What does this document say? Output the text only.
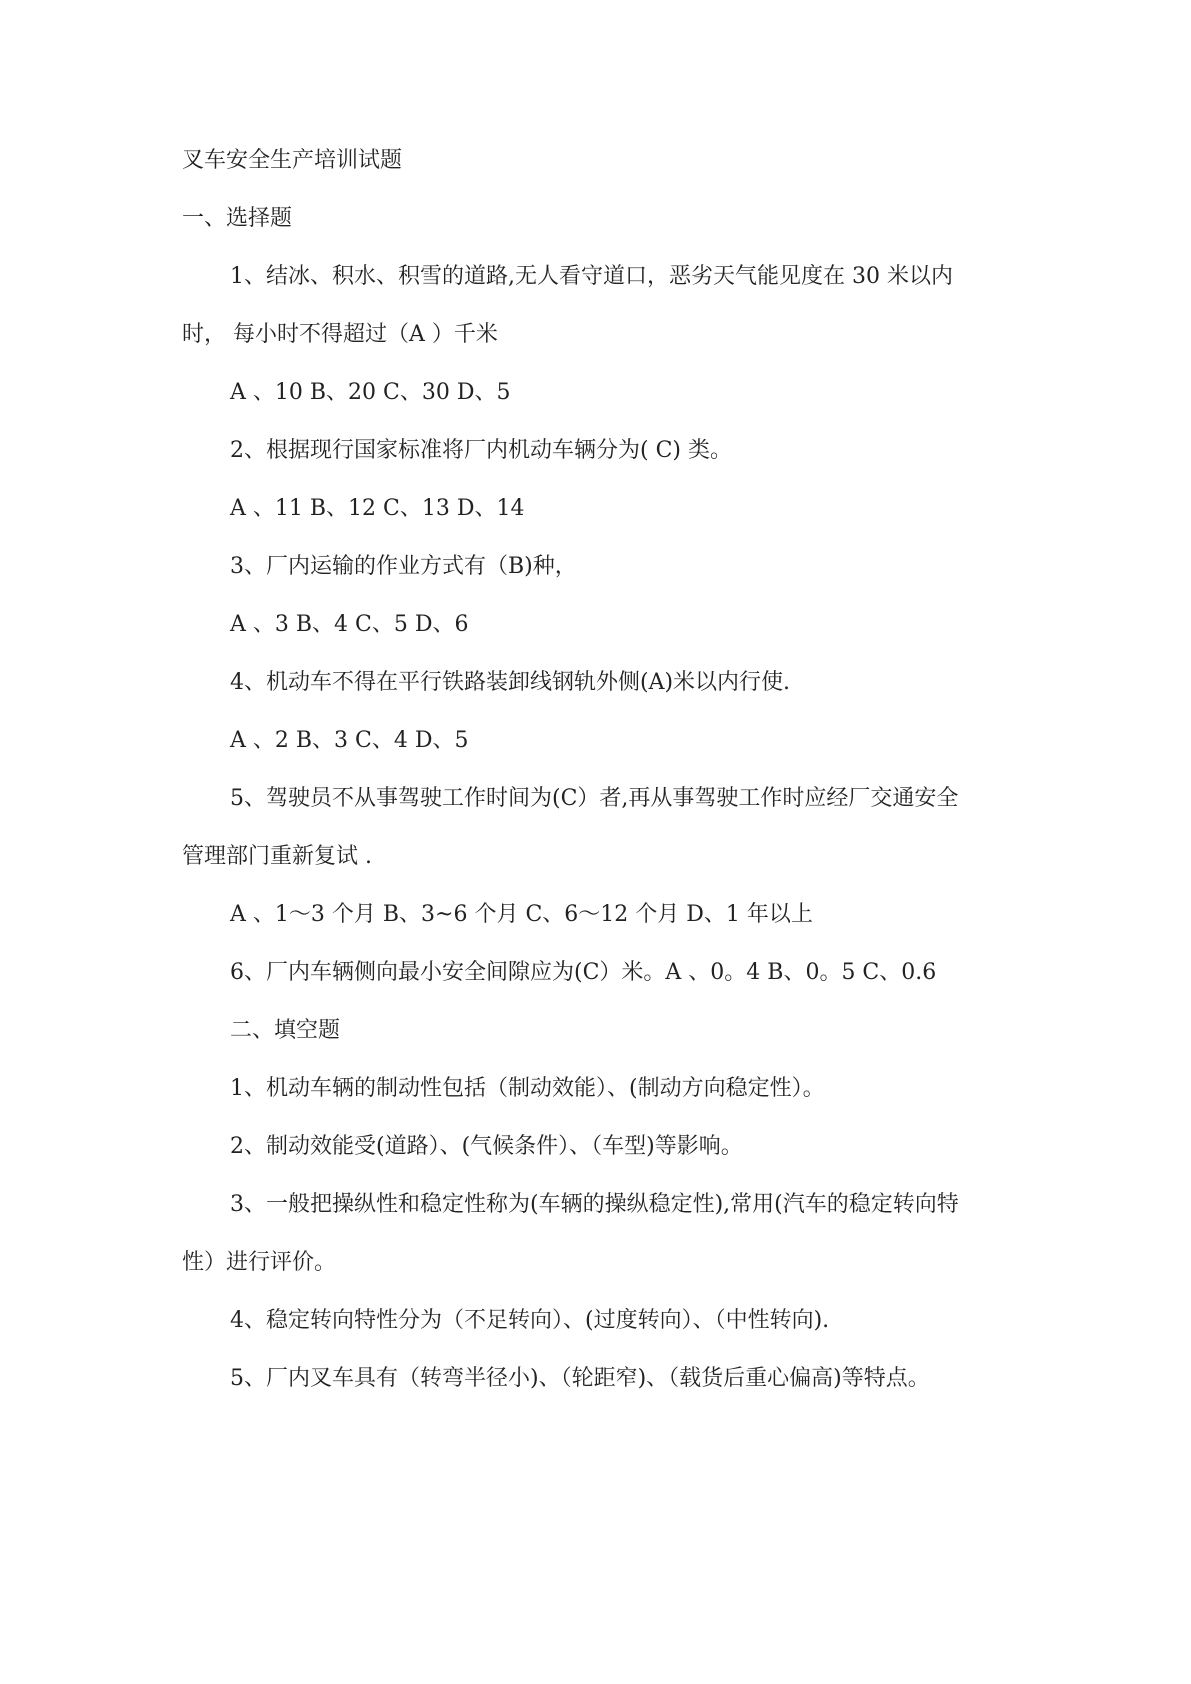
叉车安全生产培训试题

一、选择题

1、结冰、积水、积雪的道路,无人看守道口，恶劣天气能见度在 30 米以内

时， 每小时不得超过（A ）千米

A 、10 B、20 C、30 D、5

2、根据现行国家标准将厂内机动车辆分为( C) 类。

A 、11 B、12 C、13 D、14

3、厂内运输的作业方式有（B)种，

A 、3 B、4 C、5 D、6

4、机动车不得在平行铁路装卸线钢轨外侧(A)米以内行使.

A 、2 B、3 C、4 D、5

5、驾驶员不从事驾驶工作时间为(C）者,再从事驾驶工作时应经厂交通安全

管理部门重新复试 .

A 、1～3 个月 B、3~6 个月 C、6～12 个月 D、1 年以上

6、厂内车辆侧向最小安全间隙应为(C）米。A 、0。4 B、0。5 C、0.6

二、填空题

1、机动车辆的制动性包括（制动效能）、(制动方向稳定性）。

2、制动效能受(道路）、(气候条件）、（车型)等影响。

3、一般把操纵性和稳定性称为(车辆的操纵稳定性),常用(汽车的稳定转向特

性）进行评价。

4、稳定转向特性分为（不足转向）、(过度转向）、（中性转向).

5、厂内叉车具有（转弯半径小)、（轮距窄)、（载货后重心偏高)等特点。
